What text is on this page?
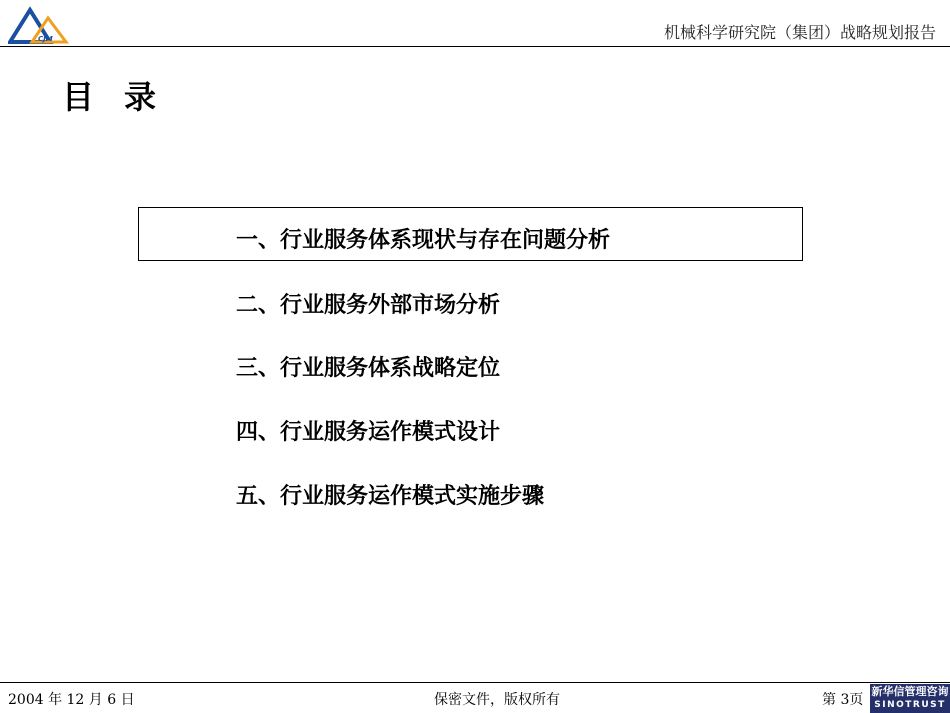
CJM	机械科学研究院（集团）战略规划报告
目录
一、行业服务体系现状与存在问题分析
二、行业服务外部市场分析
三、行业服务体系战略定位
四、行业服务运作模式设计
五、行业服务运作模式实施步骤
2004 年 12 月 6 日	保密文件，版权所有	第 3页
新华信管理咨询
SINOTRUST
